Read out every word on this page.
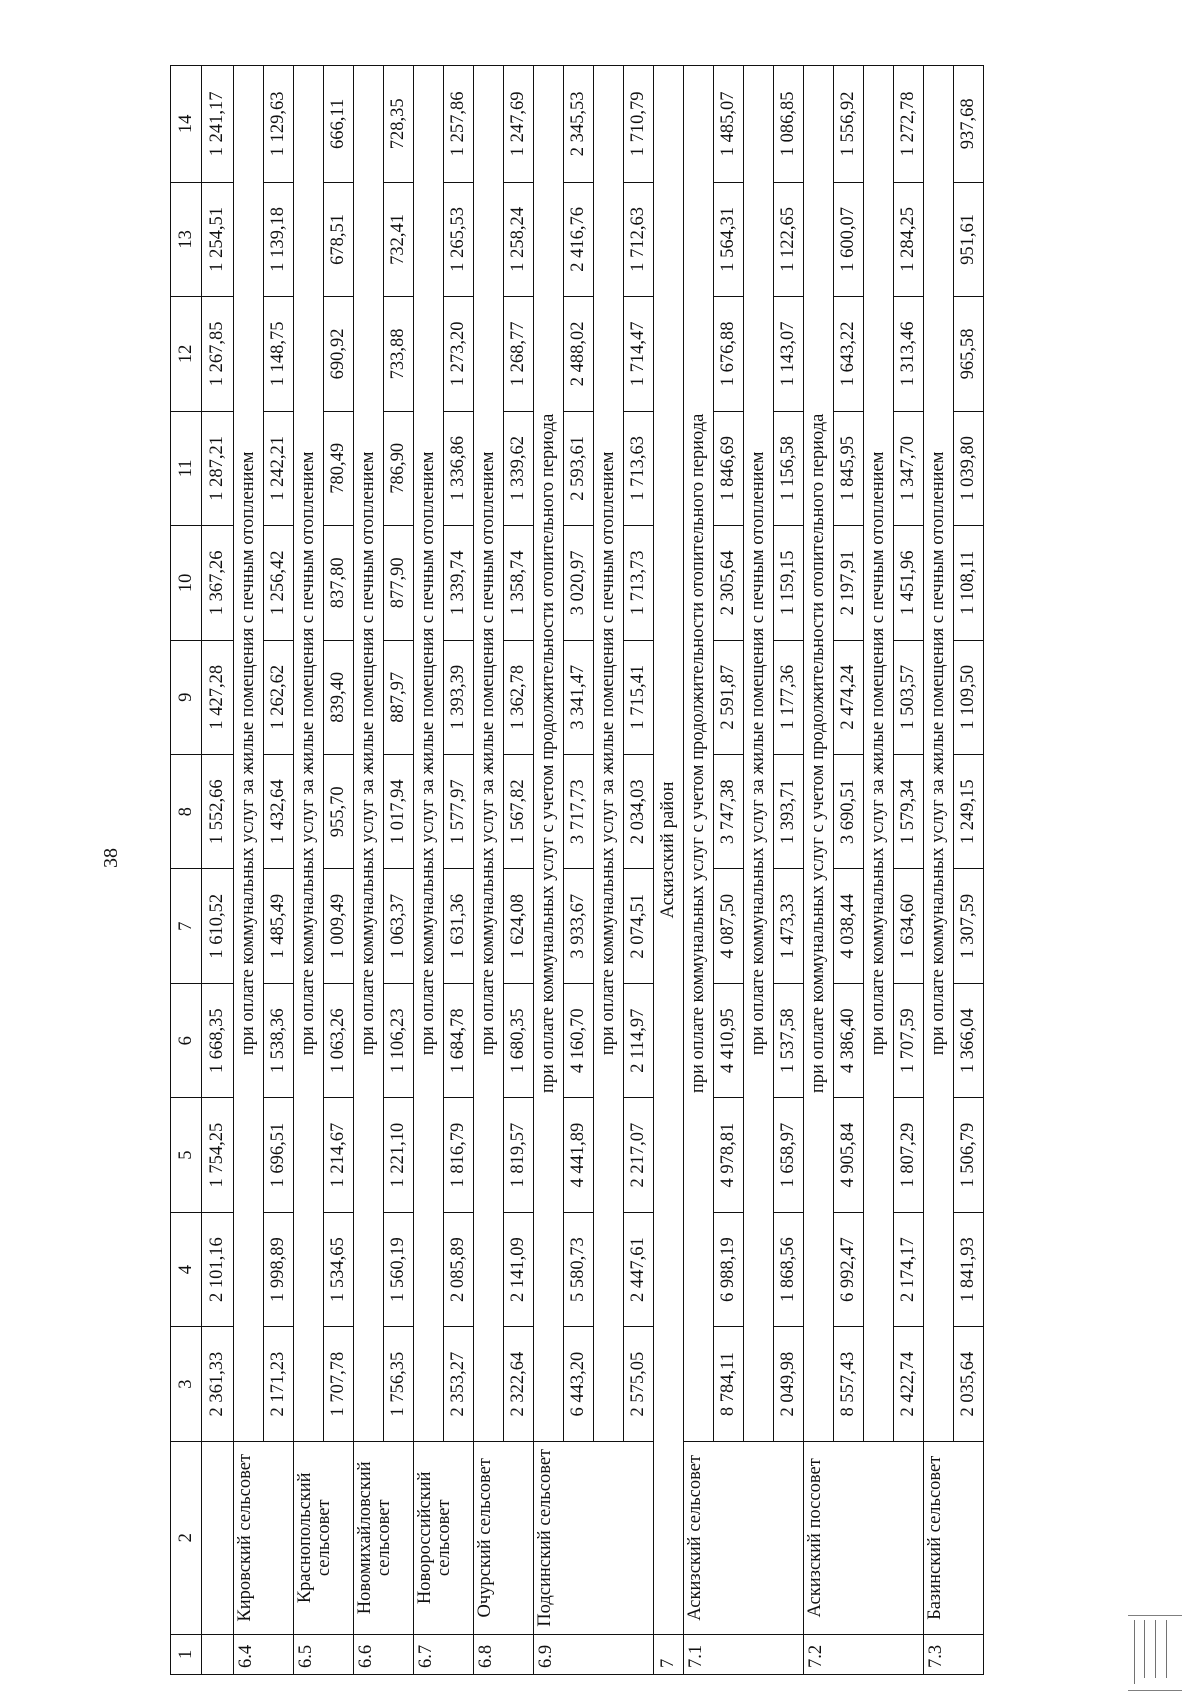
38
1	2	3	4	5	6	7	8	9	10	11	12	13	14
		2 361,33	2 101,16	1 754,25	1 668,35	1 610,52	1 552,66	1 427,28	1 367,26	1 287,21	1 267,85	1 254,51	1 241,17
6.4	Кировский сельсовет	при оплате коммунальных услуг за жилые помещения с печным отоплением											
		2 171,23	1 998,89	1 696,51	1 538,36	1 485,49	1 432,64	1 262,62	1 256,42	1 242,21	1 148,75	1 139,18	1 129,63
6.5	Краснопольский сельсовет	при оплате коммунальных услуг за жилые помещения с печным отоплением											
		1 707,78	1 534,65	1 214,67	1 063,26	1 009,49	955,70	839,40	837,80	780,49	690,92	678,51	666,11
6.6	Новомихайловский сельсовет	при оплате коммунальных услуг за жилые помещения с печным отоплением											
		1 756,35	1 560,19	1 221,10	1 106,23	1 063,37	1 017,94	887,97	877,90	786,90	733,88	732,41	728,35
6.7	Новороссийский сельсовет	при оплате коммунальных услуг за жилые помещения с печным отоплением											
		2 353,27	2 085,89	1 816,79	1 684,78	1 631,36	1 577,97	1 393,39	1 339,74	1 336,86	1 273,20	1 265,53	1 257,86
6.8	Очурский сельсовет	при оплате коммунальных услуг за жилые помещения с печным отоплением											
		2 322,64	2 141,09	1 819,57	1 680,35	1 624,08	1 567,82	1 362,78	1 358,74	1 339,62	1 268,77	1 258,24	1 247,69
6.9	Подсинский сельсовет	при оплате коммунальных услуг с учетом продолжительности отопительного периода											
		6 443,20	5 580,73	4 441,89	4 160,70	3 933,67	3 717,73	3 341,47	3 020,97	2 593,61	2 488,02	2 416,76	2 345,53
		при оплате коммунальных услуг за жилые помещения с печным отоплением											
		2 575,05	2 447,61	2 217,07	2 114,97	2 074,51	2 034,03	1 715,41	1 713,73	1 713,63	1 714,47	1 712,63	1 710,79
7	Аскизский район												
7.1	Аскизский сельсовет	при оплате коммунальных услуг с учетом продолжительности отопительного периода											
		8 784,11	6 988,19	4 978,81	4 410,95	4 087,50	3 747,38	2 591,87	2 305,64	1 846,69	1 676,88	1 564,31	1 485,07
		при оплате коммунальных услуг за жилые помещения с печным отоплением											
		2 049,98	1 868,56	1 658,97	1 537,58	1 473,33	1 393,71	1 177,36	1 159,15	1 156,58	1 143,07	1 122,65	1 086,85
7.2	Аскизский поссовет	при оплате коммунальных услуг с учетом продолжительности отопительного периода											
		8 557,43	6 992,47	4 905,84	4 386,40	4 038,44	3 690,51	2 474,24	2 197,91	1 845,95	1 643,22	1 600,07	1 556,92
		при оплате коммунальных услуг за жилые помещения с печным отоплением											
		2 422,74	2 174,17	1 807,29	1 707,59	1 634,60	1 579,34	1 503,57	1 451,96	1 347,70	1 313,46	1 284,25	1 272,78
7.3	Базинский сельсовет	при оплате коммунальных услуг за жилые помещения с печным отоплением											
		2 035,64	1 841,93	1 506,79	1 366,04	1 307,59	1 249,15	1 109,50	1 108,11	1 039,80	965,58	951,61	937,68
